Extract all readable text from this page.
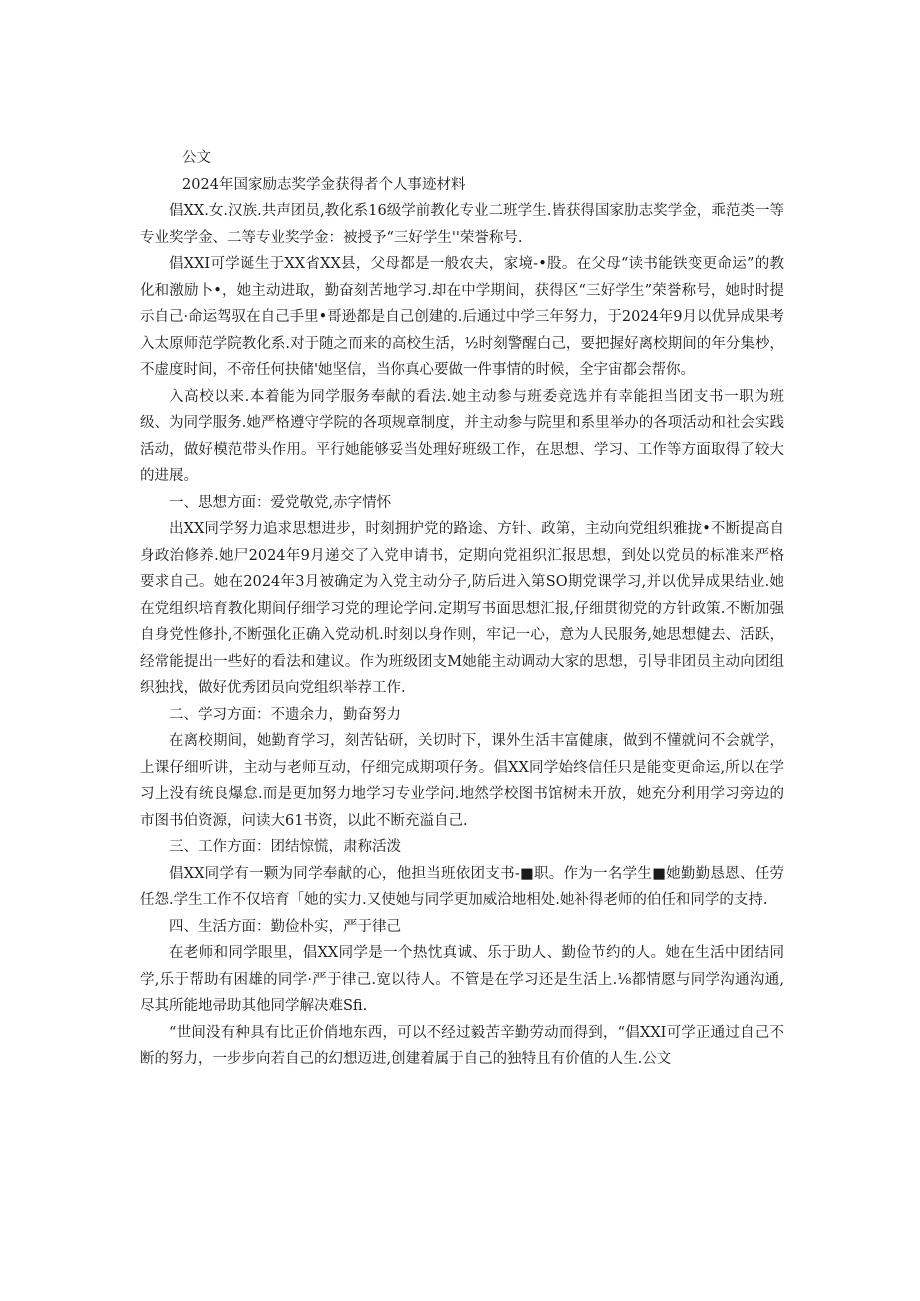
公文

2024年国家励志奖学金获得者个人事迹材料

倡XX.女.汉族.共声团员,教化系16级学前教化专业二班学生.皆获得国家肋志奖学金，乖范类一等专业奖学金、二等专业奖学金：被授予“三好学生''荣誉称号.

倡XXI可学诞生于XX省XX县，父母都是一般农夫，家境-•股。在父母“读书能铁变更命运”的教化和激励卜•，她主动进取，勤奋刻苦地学习.却在中学期间，获得区“三好学生”荣誉称号，她时时提示自己·命运驾驭在自己手里•哥逊都是自己创建的.后通过中学三年努力，于2024年9月以优异成果考入太原师范学院教化系.对于随之而来的高校生活，½时刻警醒白己，要把握好离校期间的年分集杪，不虚度时间，不帝任何抉储'她坚信，当你真心要做一件事情的时候，全宇宙都会帮你。

入高校以来.本着能为同学服务奉献的看法.她主动参与班委竞选并有幸能担当团支书一职为班级、为同学服务.她严格遵守学院的各项规章制度，并主动参与院里和系里举办的各项活动和社会实践活动，做好模范带头作用。平行她能够妥当处理好班级工作，在思想、学习、工作等方面取得了较大的进展。

一、思想方面：爱党敬党,赤字情怀

出XX同学努力追求思想进步，时刻拥护党的路途、方针、政第，主动向党组织雅拢•不断提高自身政治修养.她尸2024年9月递交了入党申请书，定期向党祖织汇报思想，到处以党员的标准来严格要求自己。她在2024年3月被确定为入党主动分子,防后进入第SO期党课学习,并以优异成果结业.她在党组织培育教化期间仔细学习党的理论学问.定期写书面思想汇报,仔细贯彻党的方针政策.不断加强自身党性修扑,不断强化正确入党动机.时刻以身作则，牢记一心，意为人民服务,她思想健去、活跃，经常能提出一些好的看法和建议。作为班级团支M她能主动调动大家的思想，引导非团员主动向团组织独找，做好优秀团员向党组织举荐工作.

二、学习方面：不遗余力，勤奋努力

在离校期间，她勤育学习，刻苦钻研，关切时下，课外生活丰富健康，做到不懂就问不会就学，上课仔细听讲，主动与老师互动，仔细完成期项仔务。倡XX同学始终信任只是能变更命运,所以在学习上没有统良爆怠.而是更加努力地学习专业学问.地然学校图书馆树未开放，她充分利用学习旁边的市图书伯资源，问读大61书资，以此不断充溢自己.

三、工作方面：团结惊慌，肃称活泼

倡XX同学有一颗为同学奉献的心，他担当班依团支书-■职。作为一名学生■她勤勤恳恩、任劳任怨.学生工作不仅培育「她的实力.又使她与同学更加威洽地相处.她补得老师的伯任和同学的支持.

四、生活方面：勤俭朴实，严于律己

在老师和同学眼里，倡XX同学是一个热忱真诚、乐于助人、勤俭节约的人。她在生活中团结同学,乐于帮助有困雄的同学·严于律己.宽以待人。不管是在学习还是生活上.⅛都情愿与同学沟通沟通,尽其所能地帚助其他同学解决难Sfi.

“世间没有种具有比正价俏地东西，可以不经过毅苦辛勤劳动而得到，“倡XXI可学正通过自己不断的努力，一步步向若自己的幻想迈进,创建着属于自己的独特且有价值的人生.公文
